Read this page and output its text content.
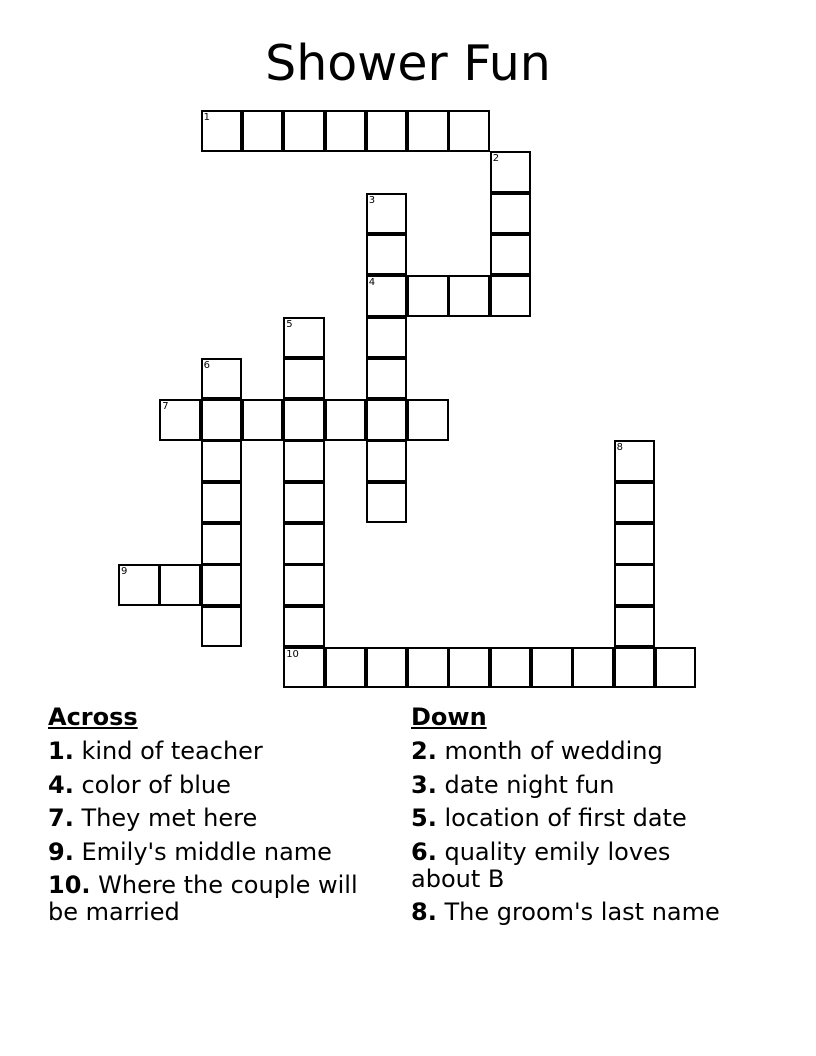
Shower Fun
1
2
3
4
5
10
6
7
8
9
Across
1. kind of teacher
4. color of blue
7. They met here
9. Emily's middle name
10. Where the couple will be married
Down
2. month of wedding
3. date night fun
5. location of first date
6. quality emily loves about B
8. The groom's last name
